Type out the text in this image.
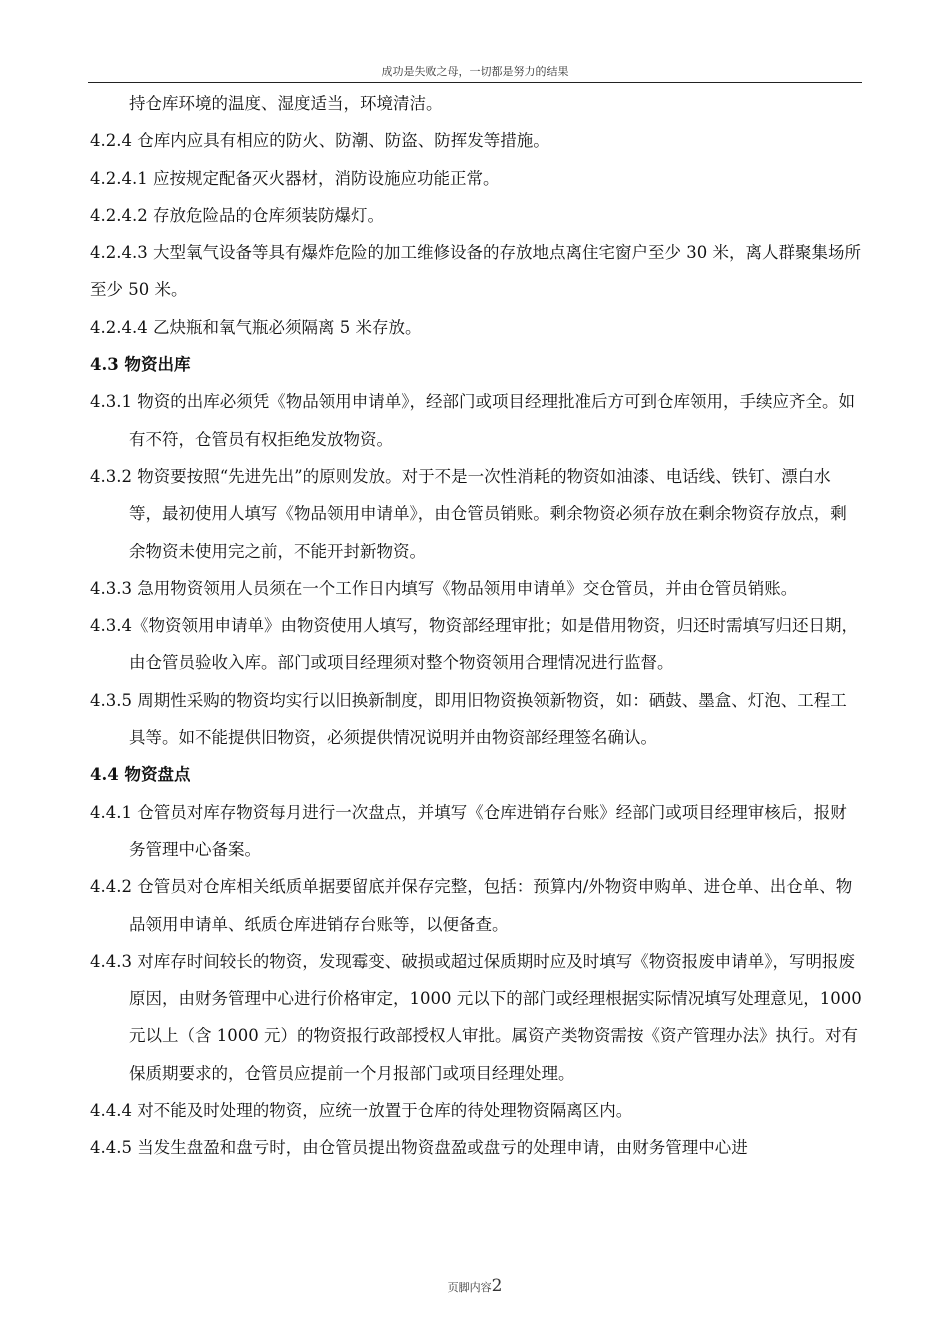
成功是失败之母，一切都是努力的结果

持仓库环境的温度、湿度适当，环境清洁。

4.2.4 仓库内应具有相应的防火、防潮、防盗、防挥发等措施。

4.2.4.1 应按规定配备灭火器材，消防设施应功能正常。

4.2.4.2 存放危险品的仓库须装防爆灯。

4.2.4.3 大型氧气设备等具有爆炸危险的加工维修设备的存放地点离住宅窗户至少 30 米，离人群聚集场所至少 50 米。

4.2.4.4 乙炔瓶和氧气瓶必须隔离 5 米存放。

4.3 物资出库

4.3.1 物资的出库必须凭《物品领用申请单》，经部门或项目经理批准后方可到仓库领用，手续应齐全。如有不符，仓管员有权拒绝发放物资。

4.3.2 物资要按照“先进先出”的原则发放。对于不是一次性消耗的物资如油漆、电话线、铁钉、漂白水等，最初使用人填写《物品领用申请单》，由仓管员销账。剩余物资必须存放在剩余物资存放点，剩余物资未使用完之前，不能开封新物资。

4.3.3 急用物资领用人员须在一个工作日内填写《物品领用申请单》交仓管员，并由仓管员销账。

4.3.4《物资领用申请单》由物资使用人填写，物资部经理审批；如是借用物资，归还时需填写归还日期，由仓管员验收入库。部门或项目经理须对整个物资领用合理情况进行监督。

4.3.5 周期性采购的物资均实行以旧换新制度，即用旧物资换领新物资，如：硒鼓、墨盒、灯泡、工程工具等。如不能提供旧物资，必须提供情况说明并由物资部经理签名确认。

4.4 物资盘点

4.4.1 仓管员对库存物资每月进行一次盘点，并填写《仓库进销存台账》经部门或项目经理审核后，报财务管理中心备案。

4.4.2 仓管员对仓库相关纸质单据要留底并保存完整，包括：预算内/外物资申购单、进仓单、出仓单、物品领用申请单、纸质仓库进销存台账等，以便备查。

4.4.3 对库存时间较长的物资，发现霉变、破损或超过保质期时应及时填写《物资报废申请单》，写明报废原因，由财务管理中心进行价格审定，1000 元以下的部门或经理根据实际情况填写处理意见，1000 元以上（含 1000 元）的物资报行政部授权人审批。属资产类物资需按《资产管理办法》执行。对有保质期要求的，仓管员应提前一个月报部门或项目经理处理。

4.4.4 对不能及时处理的物资，应统一放置于仓库的待处理物资隔离区内。

4.4.5 当发生盘盈和盘亏时，由仓管员提出物资盘盈或盘亏的处理申请，由财务管理中心进

页脚内容2
